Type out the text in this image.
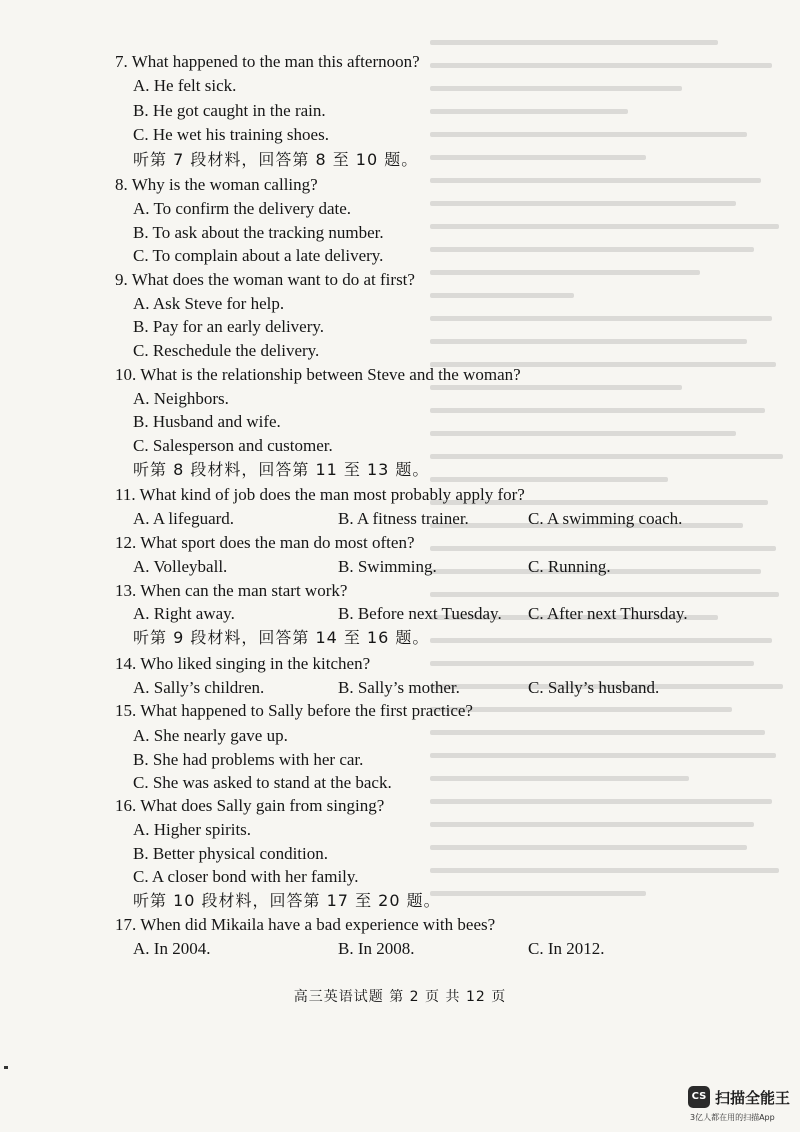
7. What happened to the man this afternoon?
A. He felt sick.
B. He got caught in the rain.
C. He wet his training shoes.
听第 7 段材料，回答第 8 至 10 题。
8. Why is the woman calling?
A. To confirm the delivery date.
B. To ask about the tracking number.
C. To complain about a late delivery.
9. What does the woman want to do at first?
A. Ask Steve for help.
B. Pay for an early delivery.
C. Reschedule the delivery.
10. What is the relationship between Steve and the woman?
A. Neighbors.
B. Husband and wife.
C. Salesperson and customer.
听第 8 段材料，回答第 11 至 13 题。
11. What kind of job does the man most probably apply for?
A. A lifeguard.	B. A fitness trainer.	C. A swimming coach.
12. What sport does the man do most often?
A. Volleyball.	B. Swimming.	C. Running.
13. When can the man start work?
A. Right away.	B. Before next Tuesday. C. After next Thursday.
听第 9 段材料，回答第 14 至 16 题。
14. Who liked singing in the kitchen?
A. Sally’s children.	B. Sally’s mother.	C. Sally’s husband.
15. What happened to Sally before the first practice?
A. She nearly gave up.
B. She had problems with her car.
C. She was asked to stand at the back.
16. What does Sally gain from singing?
A. Higher spirits.
B. Better physical condition.
C. A closer bond with her family.
听第 10 段材料，回答第 17 至 20 题。
17. When did Mikaila have a bad experience with bees?
A. In 2004.	B. In 2008.	C. In 2012.
高三英语试题 第 2 页 共 12 页
CS 扫描全能王
3亿人都在用的扫描App
